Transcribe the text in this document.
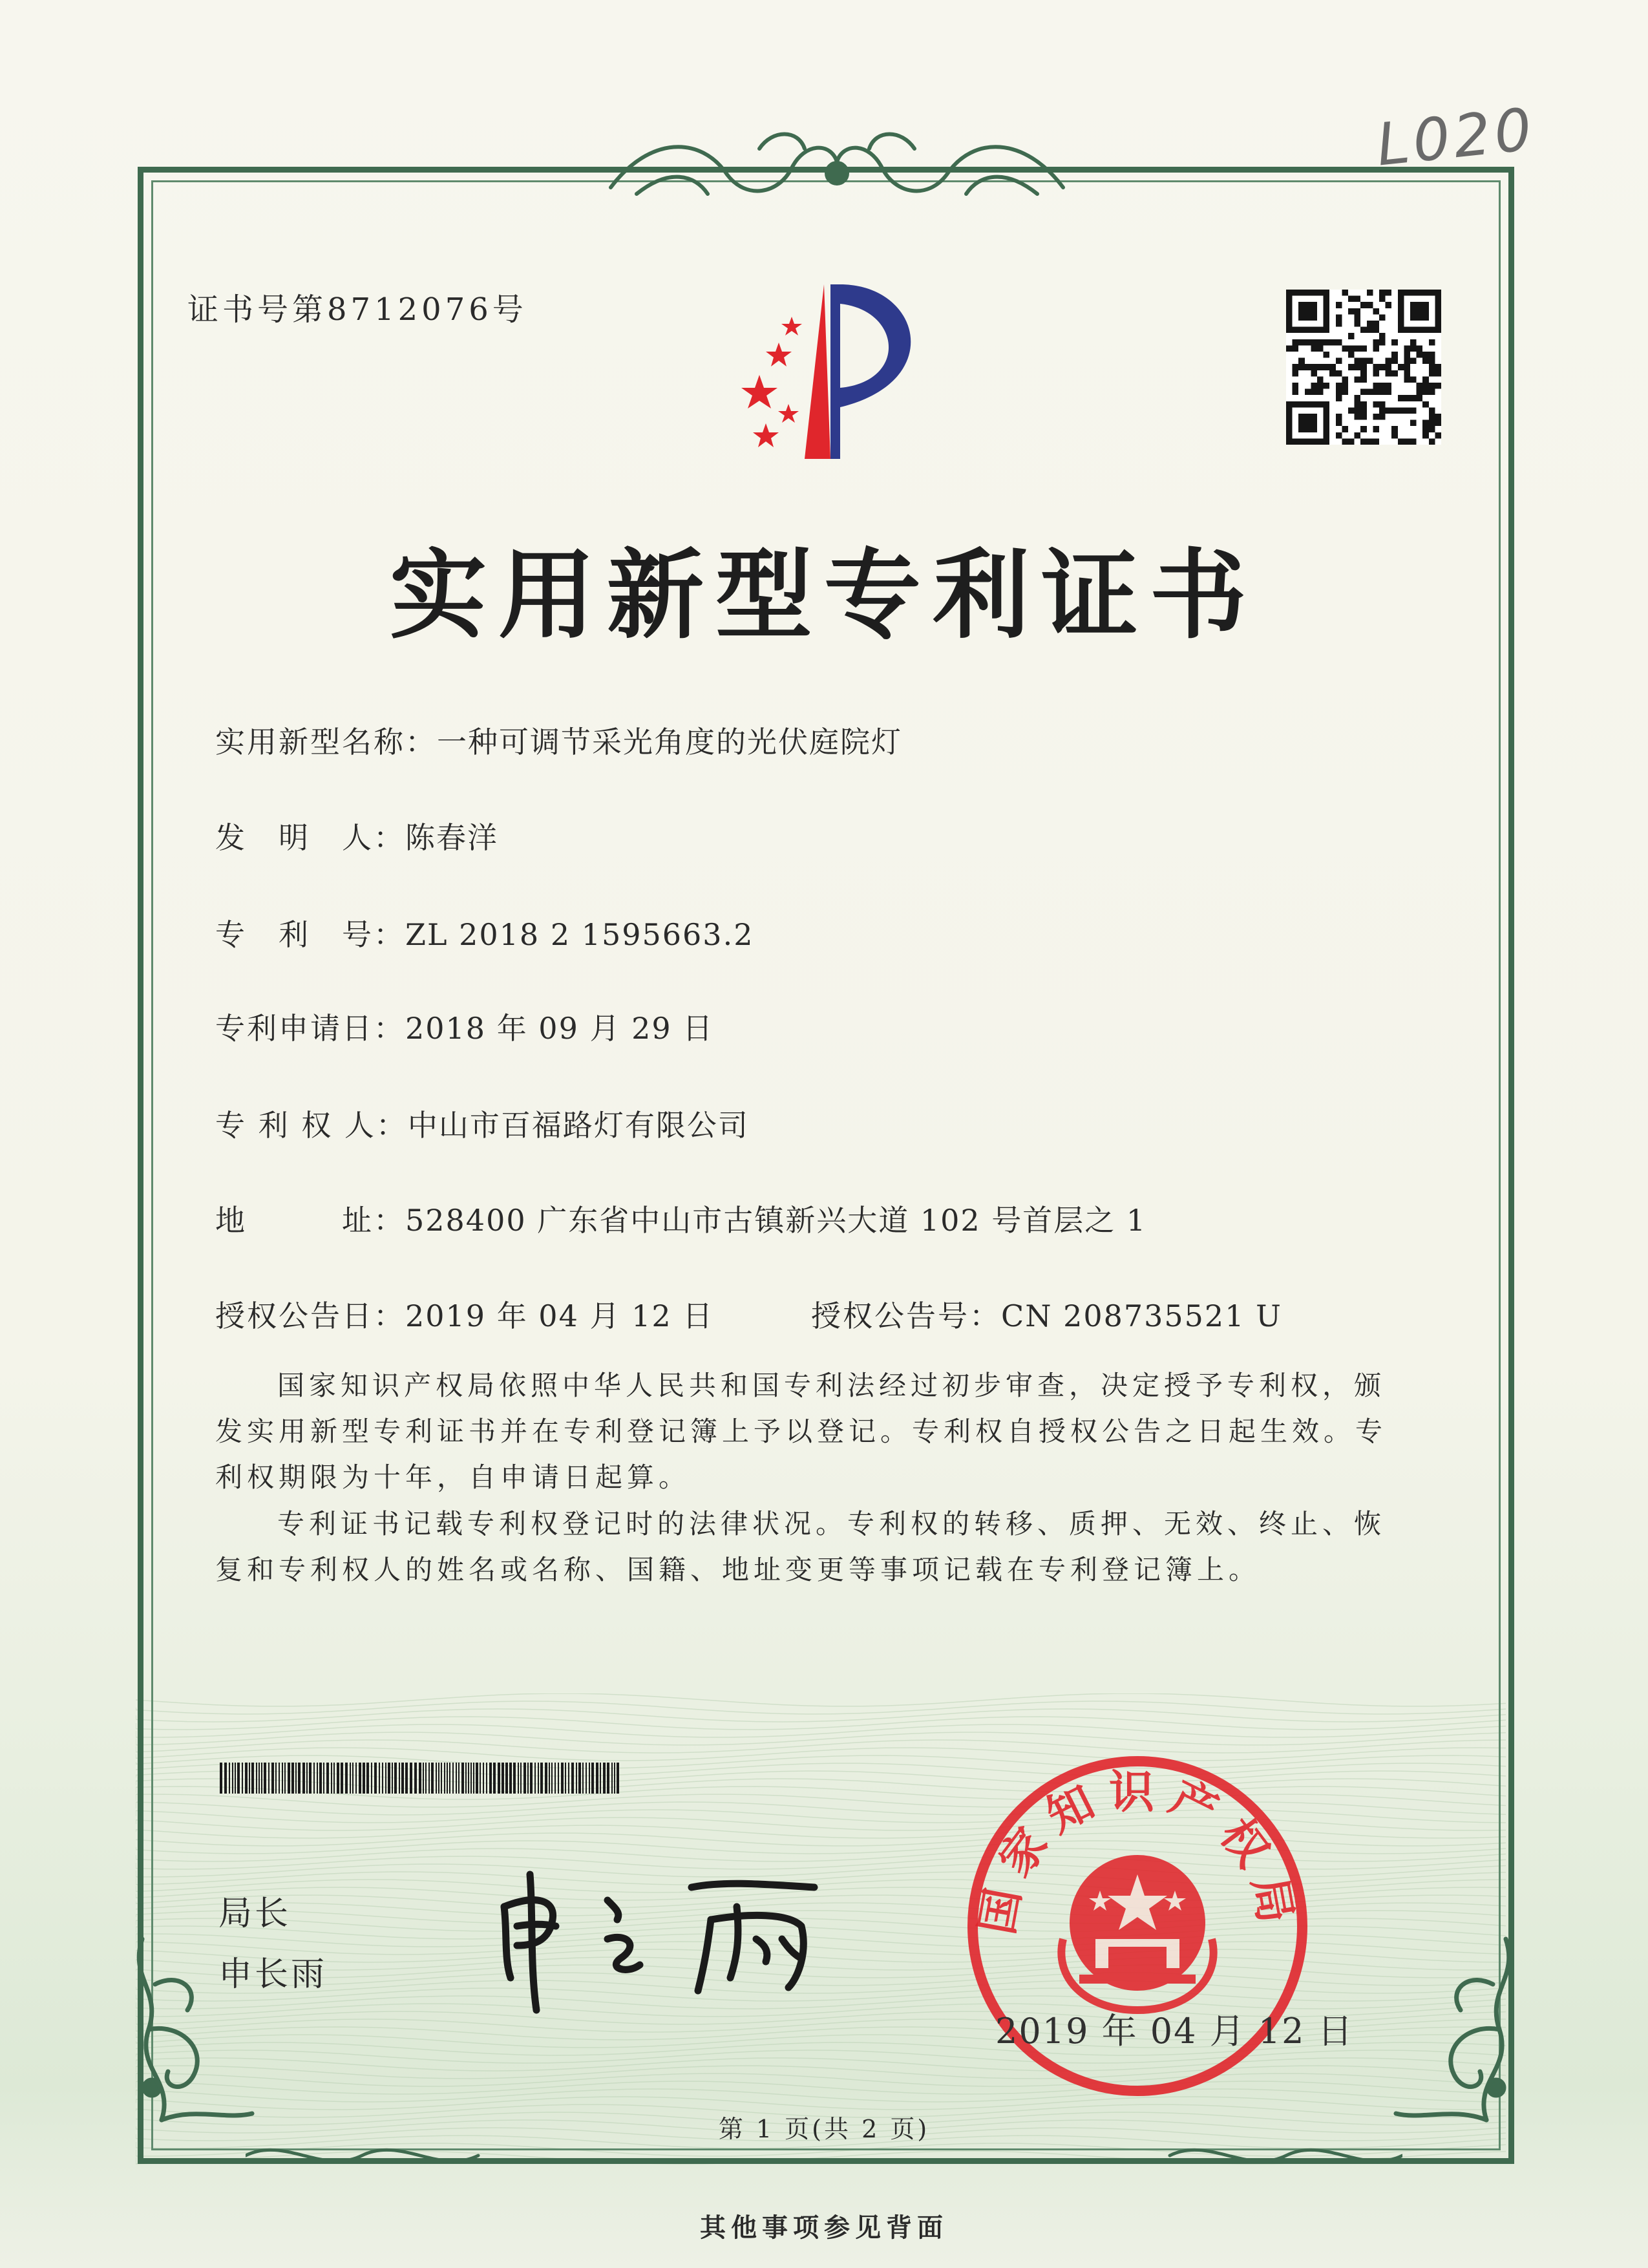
L020
证书号第8712076号
实用新型专利证书
实用新型名称：一种可调节采光角度的光伏庭院灯
发　明　人：陈春洋
专　利　号：ZL 2018 2 1595663.2
专利申请日：2018 年 09 月 29 日
专 利 权 人：中山市百福路灯有限公司
地　　　址：528400 广东省中山市古镇新兴大道 102 号首层之 1
授权公告日：2019 年 04 月 12 日	授权公告号：CN 208735521 U
国家知识产权局依照中华人民共和国专利法经过初步审查，决定授予专利权，颁发实用新型专利证书并在专利登记簿上予以登记。专利权自授权公告之日起生效。专利权期限为十年，自申请日起算。
专利证书记载专利权登记时的法律状况。专利权的转移、质押、无效、终止、恢复和专利权人的姓名或名称、国籍、地址变更等事项记载在专利登记簿上。
局长
申长雨
国家知识产权局
2019 年 04 月 12 日
第 1 页(共 2 页)
其他事项参见背面
